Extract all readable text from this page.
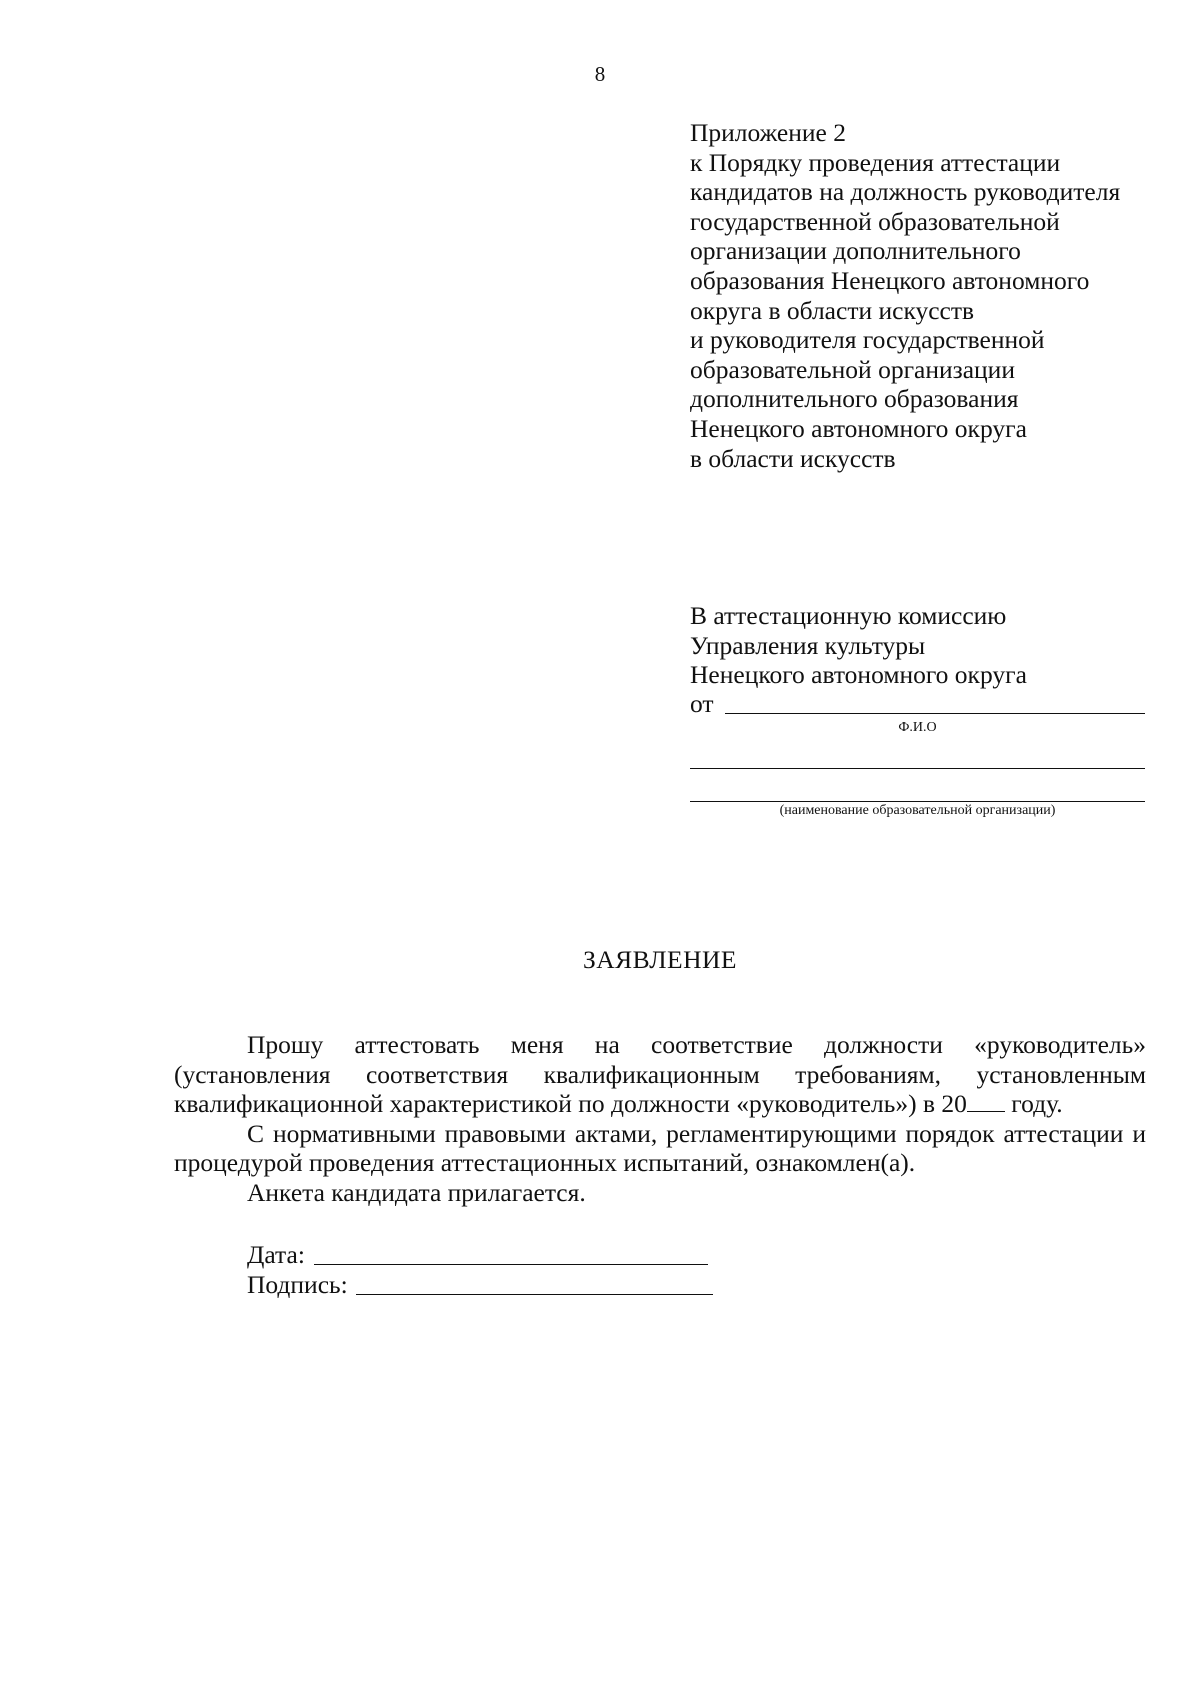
8
Приложение 2
к Порядку проведения аттестации
кандидатов на должность руководителя
государственной образовательной
организации дополнительного
образования Ненецкого автономного
округа в области искусств
и руководителя государственной
образовательной организации
дополнительного образования
Ненецкого автономного округа
в области искусств
В аттестационную комиссию
Управления культуры
Ненецкого автономного округа
от
Ф.И.О
(наименование образовательной организации)
ЗАЯВЛЕНИЕ

Прошу аттестовать меня на соответствие должности «руководитель» (установления соответствия квалификационным требованиям, установленным квалификационной характеристикой по должности «руководитель») в 20 году.

С нормативными правовыми актами, регламентирующими порядок аттестации и процедурой проведения аттестационных испытаний, ознакомлен(а).

Анкета кандидата прилагается.

Дата:
Подпись:
